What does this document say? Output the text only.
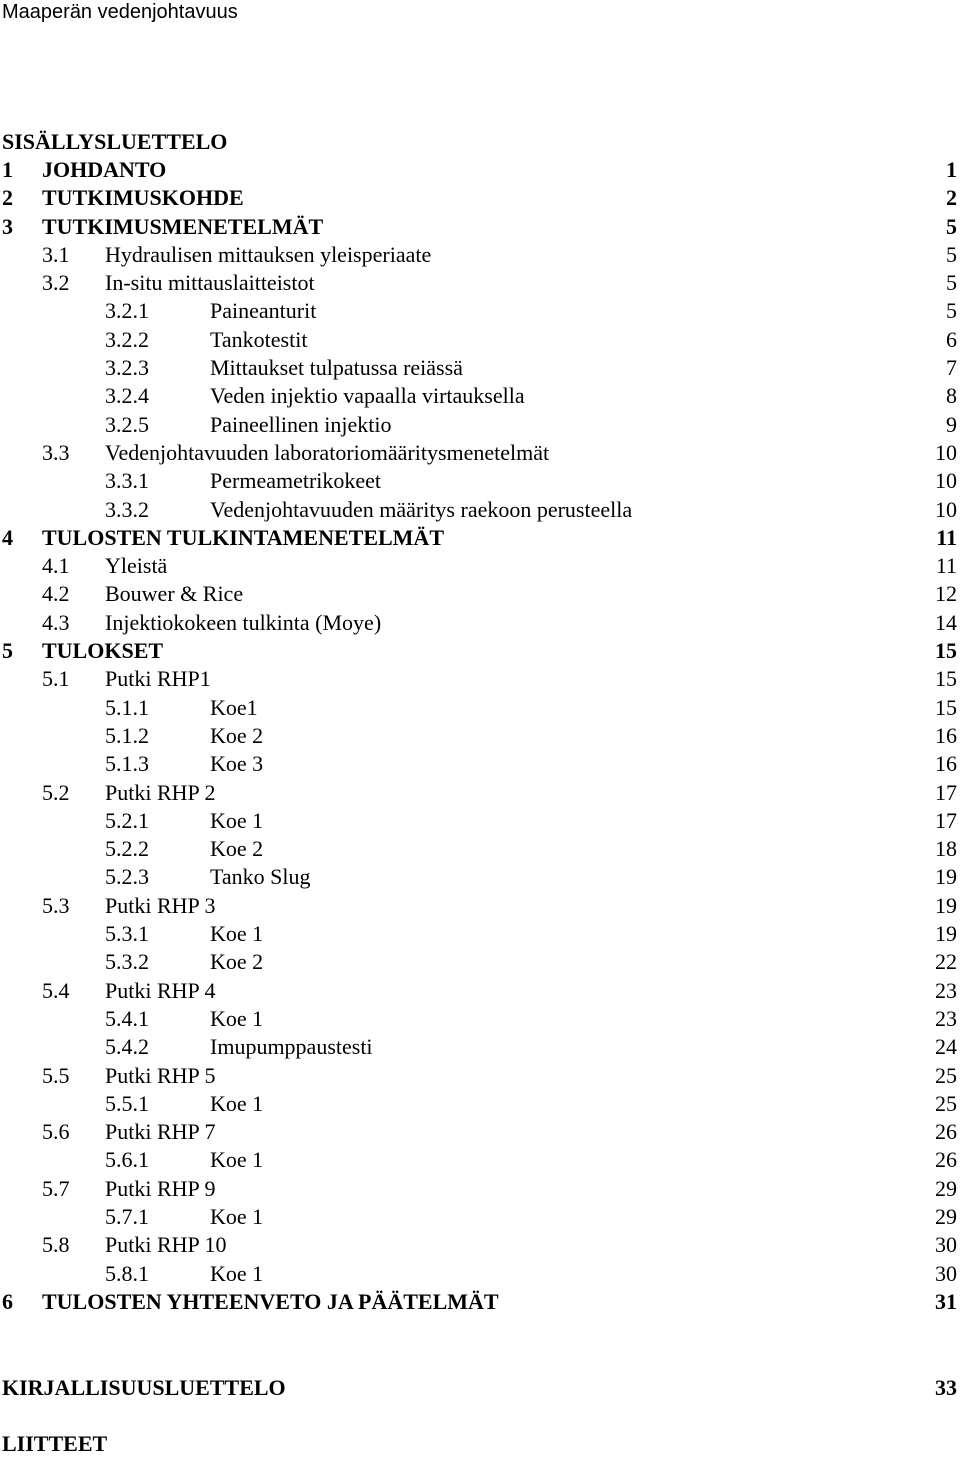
Maaperän vedenjohtavuus
SISÄLLYSLUETTELO
1 JOHDANTO	1
2 TUTKIMUSKOHDE	2
3 TUTKIMUSMENETELMÄT	5
3.1 Hydraulisen mittauksen yleisperiaate	5
3.2 In-situ mittauslaitteistot	5
3.2.1	Paineanturit	5
3.2.2	Tankotestit	6
3.2.3	Mittaukset tulpatussa reiässä	7
3.2.4	Veden injektio vapaalla virtauksella	8
3.2.5	Paineellinen injektio	9
3.3 Vedenjohtavuuden laboratoriomääritysmenetelmät	10
3.3.1	Permeametrikokeet	10
3.3.2	Vedenjohtavuuden määritys raekoon perusteella	10
4 TULOSTEN TULKINTAMENETELMÄT	11
4.1 Yleistä	11
4.2 Bouwer & Rice	12
4.3 Injektiokokeen tulkinta (Moye)	14
5 TULOKSET	15
5.1 Putki RHP1	15
5.1.1	Koe1	15
5.1.2	Koe 2	16
5.1.3	Koe 3	16
5.2 Putki RHP 2	17
5.2.1	Koe 1	17
5.2.2	Koe 2	18
5.2.3	Tanko Slug	19
5.3 Putki RHP 3	19
5.3.1	Koe 1	19
5.3.2	Koe 2	22
5.4 Putki RHP 4	23
5.4.1	Koe 1	23
5.4.2	Imupumppaustesti	24
5.5 Putki RHP 5	25
5.5.1	Koe 1	25
5.6 Putki RHP 7	26
5.6.1	Koe 1	26
5.7 Putki RHP 9	29
5.7.1	Koe 1	29
5.8 Putki RHP 10	30
5.8.1	Koe 1	30
6 TULOSTEN YHTEENVETO JA PÄÄTELMÄT	31
KIRJALLISUUSLUETTELO	33
LIITTEET
